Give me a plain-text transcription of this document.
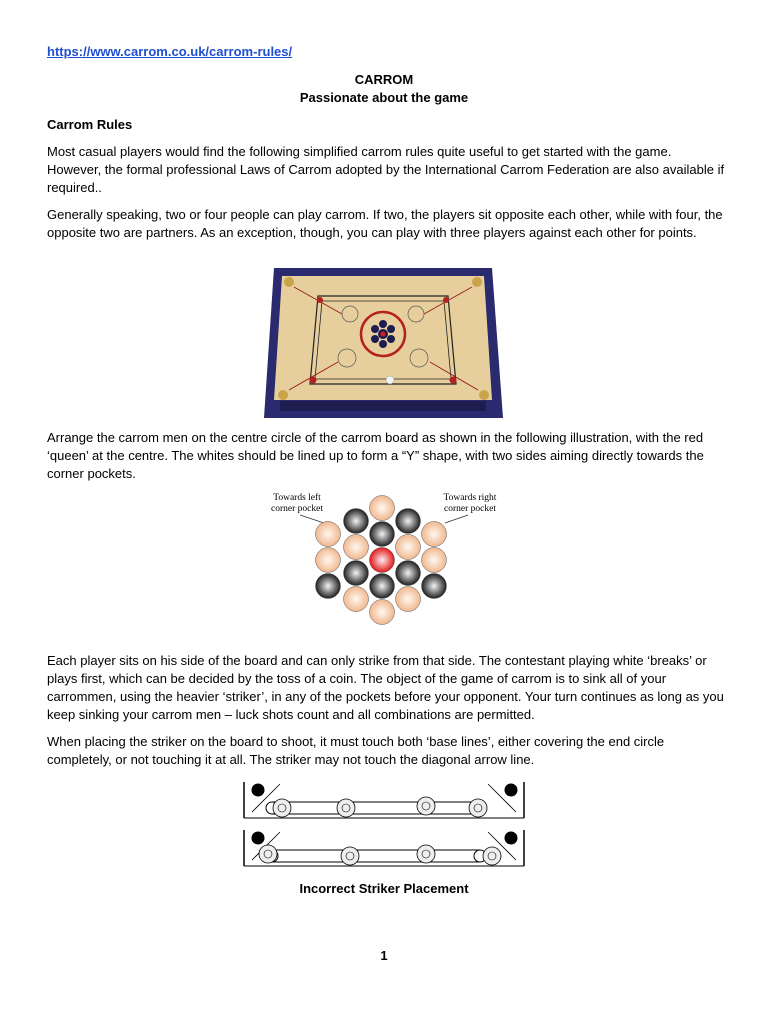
https://www.carrom.co.uk/carrom-rules/
CARROM
Passionate about the game
Carrom Rules
Most casual players would find the following simplified carrom rules quite useful to get started with the game. However, the formal professional Laws of Carrom adopted by the International Carrom Federation are also available if required..
Generally speaking, two or four people can play carrom. If two, the players sit opposite each other, while with four, the opposite two are partners. As an exception, though, you can play with three players against each other for points.
Arrange the carrom men on the centre circle of the carrom board as shown in the following illustration, with the red ‘queen’ at the centre. The whites should be lined up to form a “Y” shape, with two sides aiming directly towards the corner pockets.
Towards left corner pocket
Towards right corner pocket
Each player sits on his side of the board and can only strike from that side. The contestant playing white ‘breaks’ or plays first, which can be decided by the toss of a coin. The object of the game of carrom is to sink all of your carrommen, using the heavier ‘striker’, in any of the pockets before your opponent. Your turn continues as long as you keep sinking your carrom men – luck shots count and all combinations are permitted.
When placing the striker on the board to shoot, it must touch both ‘base lines’, either covering the end circle completely, or not touching it at all. The striker may not touch the diagonal arrow line.
Incorrect Striker Placement
1
